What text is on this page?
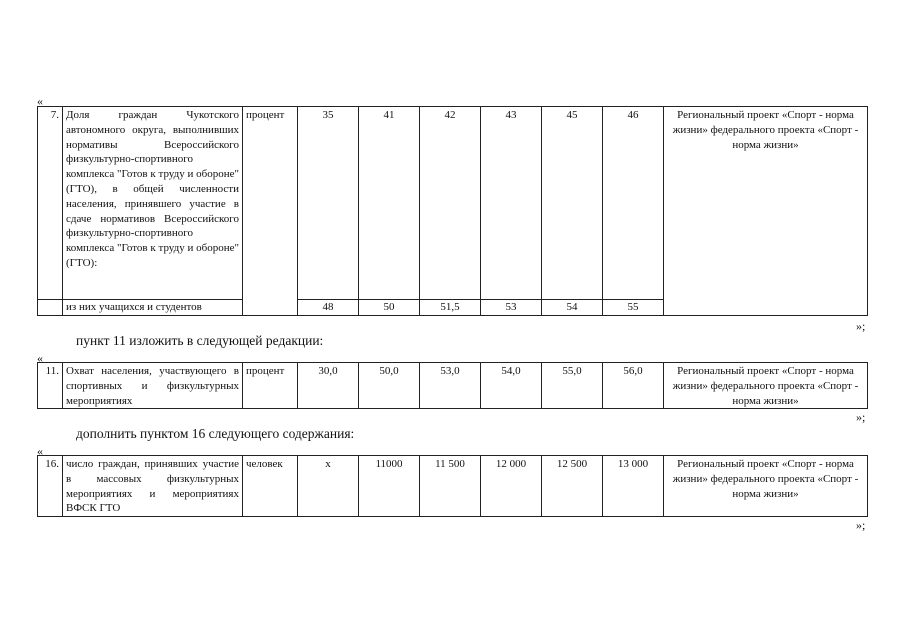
«
7.	Доля граждан Чукотского автономного округа, выполнивших нормативы Всероссийского физкультурно-спортивного комплекса "Готов к труду и обороне" (ГТО), в общей численности населения, принявшего участие в сдаче нормативов Всероссийского физкультурно-спортивного комплекса "Готов к труду и обороне" (ГТО):	процент	35	41	42	43	45	46	Региональный проект «Спорт - норма жизни» федерального проекта «Спорт - норма жизни»
	из них учащихся и студентов		48	50	51,5	53	54	55	
»;
пункт 11 изложить в следующей редакции:
«
11.	Охват населения, участвующего в спортивных и физкультурных мероприятиях	процент	30,0	50,0	53,0	54,0	55,0	56,0	Региональный проект «Спорт - норма жизни» федерального проекта «Спорт - норма жизни»
»;
дополнить пунктом 16 следующего содержания:
«
16.	число граждан, принявших участие в массовых физкультурных мероприятиях и мероприятиях ВФСК ГТО	человек	х	11000	11 500	12 000	12 500	13 000	Региональный проект «Спорт - норма жизни» федерального проекта «Спорт - норма жизни»
»;
